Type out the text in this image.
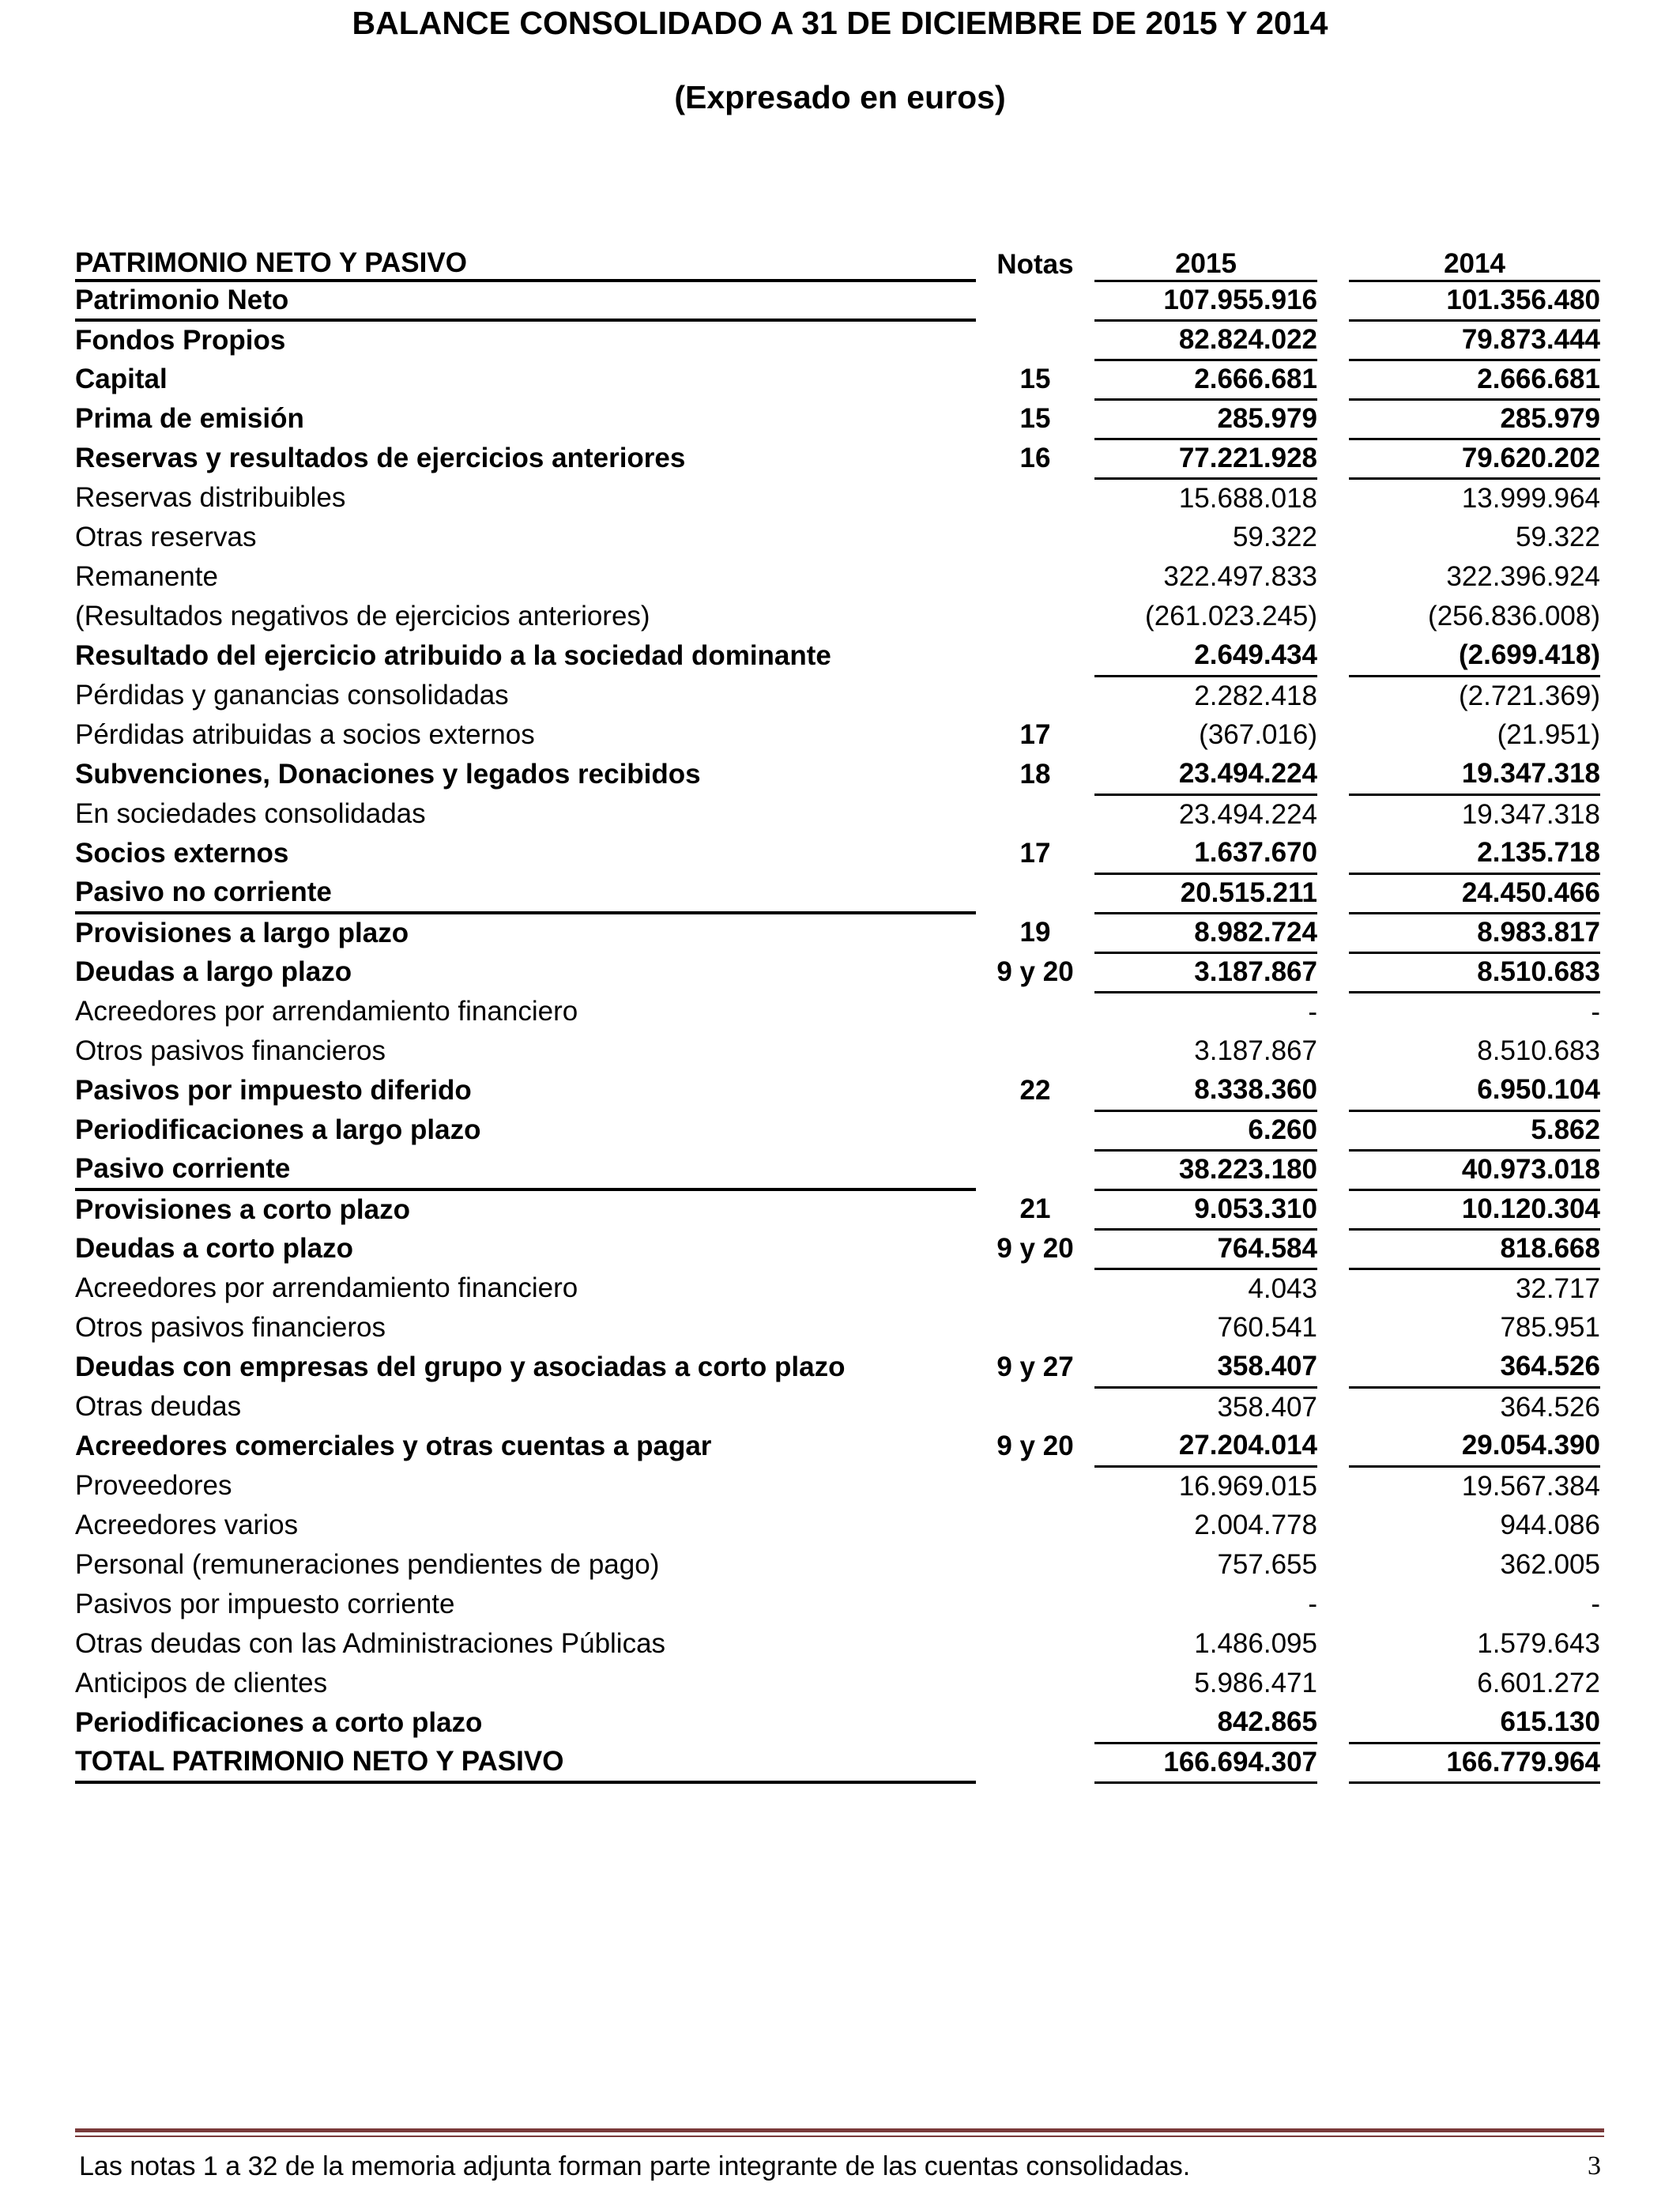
BALANCE CONSOLIDADO A 31 DE DICIEMBRE DE 2015 Y 2014
(Expresado en euros)
PATRIMONIO NETO Y PASIVO	Notas	2015		2014
Patrimonio Neto		107.955.916		101.356.480
Fondos Propios		82.824.022		79.873.444
Capital	15	2.666.681		2.666.681
Prima de emisión	15	285.979		285.979
Reservas y resultados de ejercicios anteriores	16	77.221.928		79.620.202
Reservas distribuibles		15.688.018		13.999.964
Otras reservas		59.322		59.322
Remanente		322.497.833		322.396.924
(Resultados negativos de ejercicios anteriores)		(261.023.245)		(256.836.008)
Resultado del ejercicio atribuido a la sociedad dominante		2.649.434		(2.699.418)
Pérdidas y ganancias consolidadas		2.282.418		(2.721.369)
Pérdidas atribuidas a socios externos	17	(367.016)		(21.951)
Subvenciones, Donaciones y legados recibidos	18	23.494.224		19.347.318
En sociedades consolidadas		23.494.224		19.347.318
Socios externos	17	1.637.670		2.135.718
Pasivo no corriente		20.515.211		24.450.466
Provisiones a largo plazo	19	8.982.724		8.983.817
Deudas a largo plazo	9 y 20	3.187.867		8.510.683
Acreedores por arrendamiento financiero		-		-
Otros pasivos financieros		3.187.867		8.510.683
Pasivos por impuesto diferido	22	8.338.360		6.950.104
Periodificaciones a largo plazo		6.260		5.862
Pasivo corriente		38.223.180		40.973.018
Provisiones a corto plazo	21	9.053.310		10.120.304
Deudas a corto plazo	9 y 20	764.584		818.668
Acreedores por arrendamiento financiero		4.043		32.717
Otros pasivos financieros		760.541		785.951
Deudas con empresas del grupo y asociadas a corto plazo	9 y 27	358.407		364.526
Otras deudas		358.407		364.526
Acreedores comerciales y otras cuentas a pagar	9 y 20	27.204.014		29.054.390
Proveedores		16.969.015		19.567.384
Acreedores varios		2.004.778		944.086
Personal (remuneraciones pendientes de pago)		757.655		362.005
Pasivos por impuesto corriente		-		-
Otras deudas con las Administraciones Públicas		1.486.095		1.579.643
Anticipos de clientes		5.986.471		6.601.272
Periodificaciones a corto plazo		842.865		615.130
TOTAL PATRIMONIO NETO Y PASIVO		166.694.307		166.779.964
Las notas 1 a 32 de la memoria adjunta forman parte integrante de las cuentas consolidadas.	3
